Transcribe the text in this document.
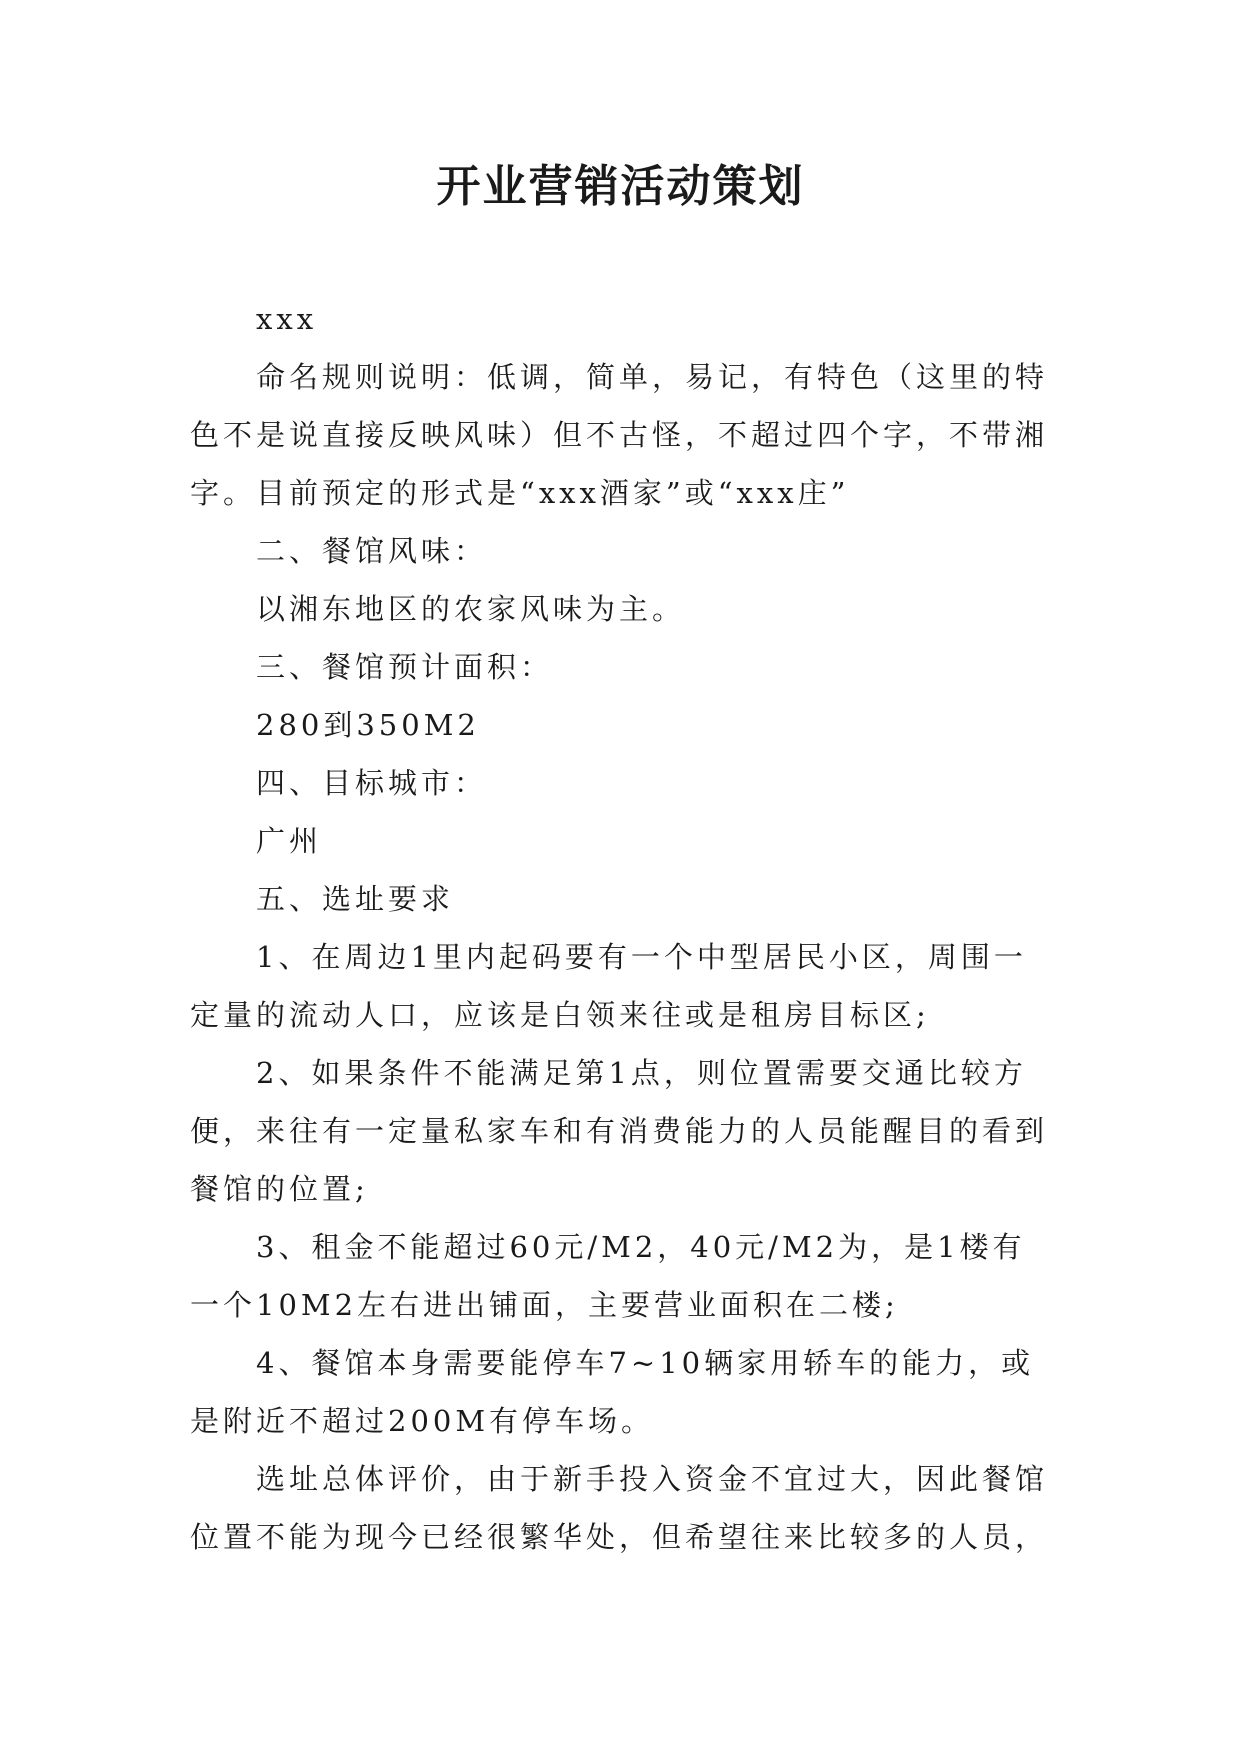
开业营销活动策划

xxx

命名规则说明：低调，简单，易记，有特色（这里的特色不是说直接反映风味）但不古怪，不超过四个字，不带湘字。目前预定的形式是“xxx酒家”或“xxx庄”

二、餐馆风味：

以湘东地区的农家风味为主。

三、餐馆预计面积：

280到350M2

四、目标城市：

广州

五、选址要求

1、在周边1里内起码要有一个中型居民小区，周围一定量的流动人口，应该是白领来往或是租房目标区;

2、如果条件不能满足第1点，则位置需要交通比较方便，来往有一定量私家车和有消费能力的人员能醒目的看到餐馆的位置;

3、租金不能超过60元/M2，40元/M2为，是1楼有一个10M2左右进出铺面，主要营业面积在二楼;

4、餐馆本身需要能停车7~10辆家用轿车的能力，或是附近不超过200M有停车场。

选址总体评价，由于新手投入资金不宜过大，因此餐馆位置不能为现今已经很繁华处，但希望往来比较多的人员，
